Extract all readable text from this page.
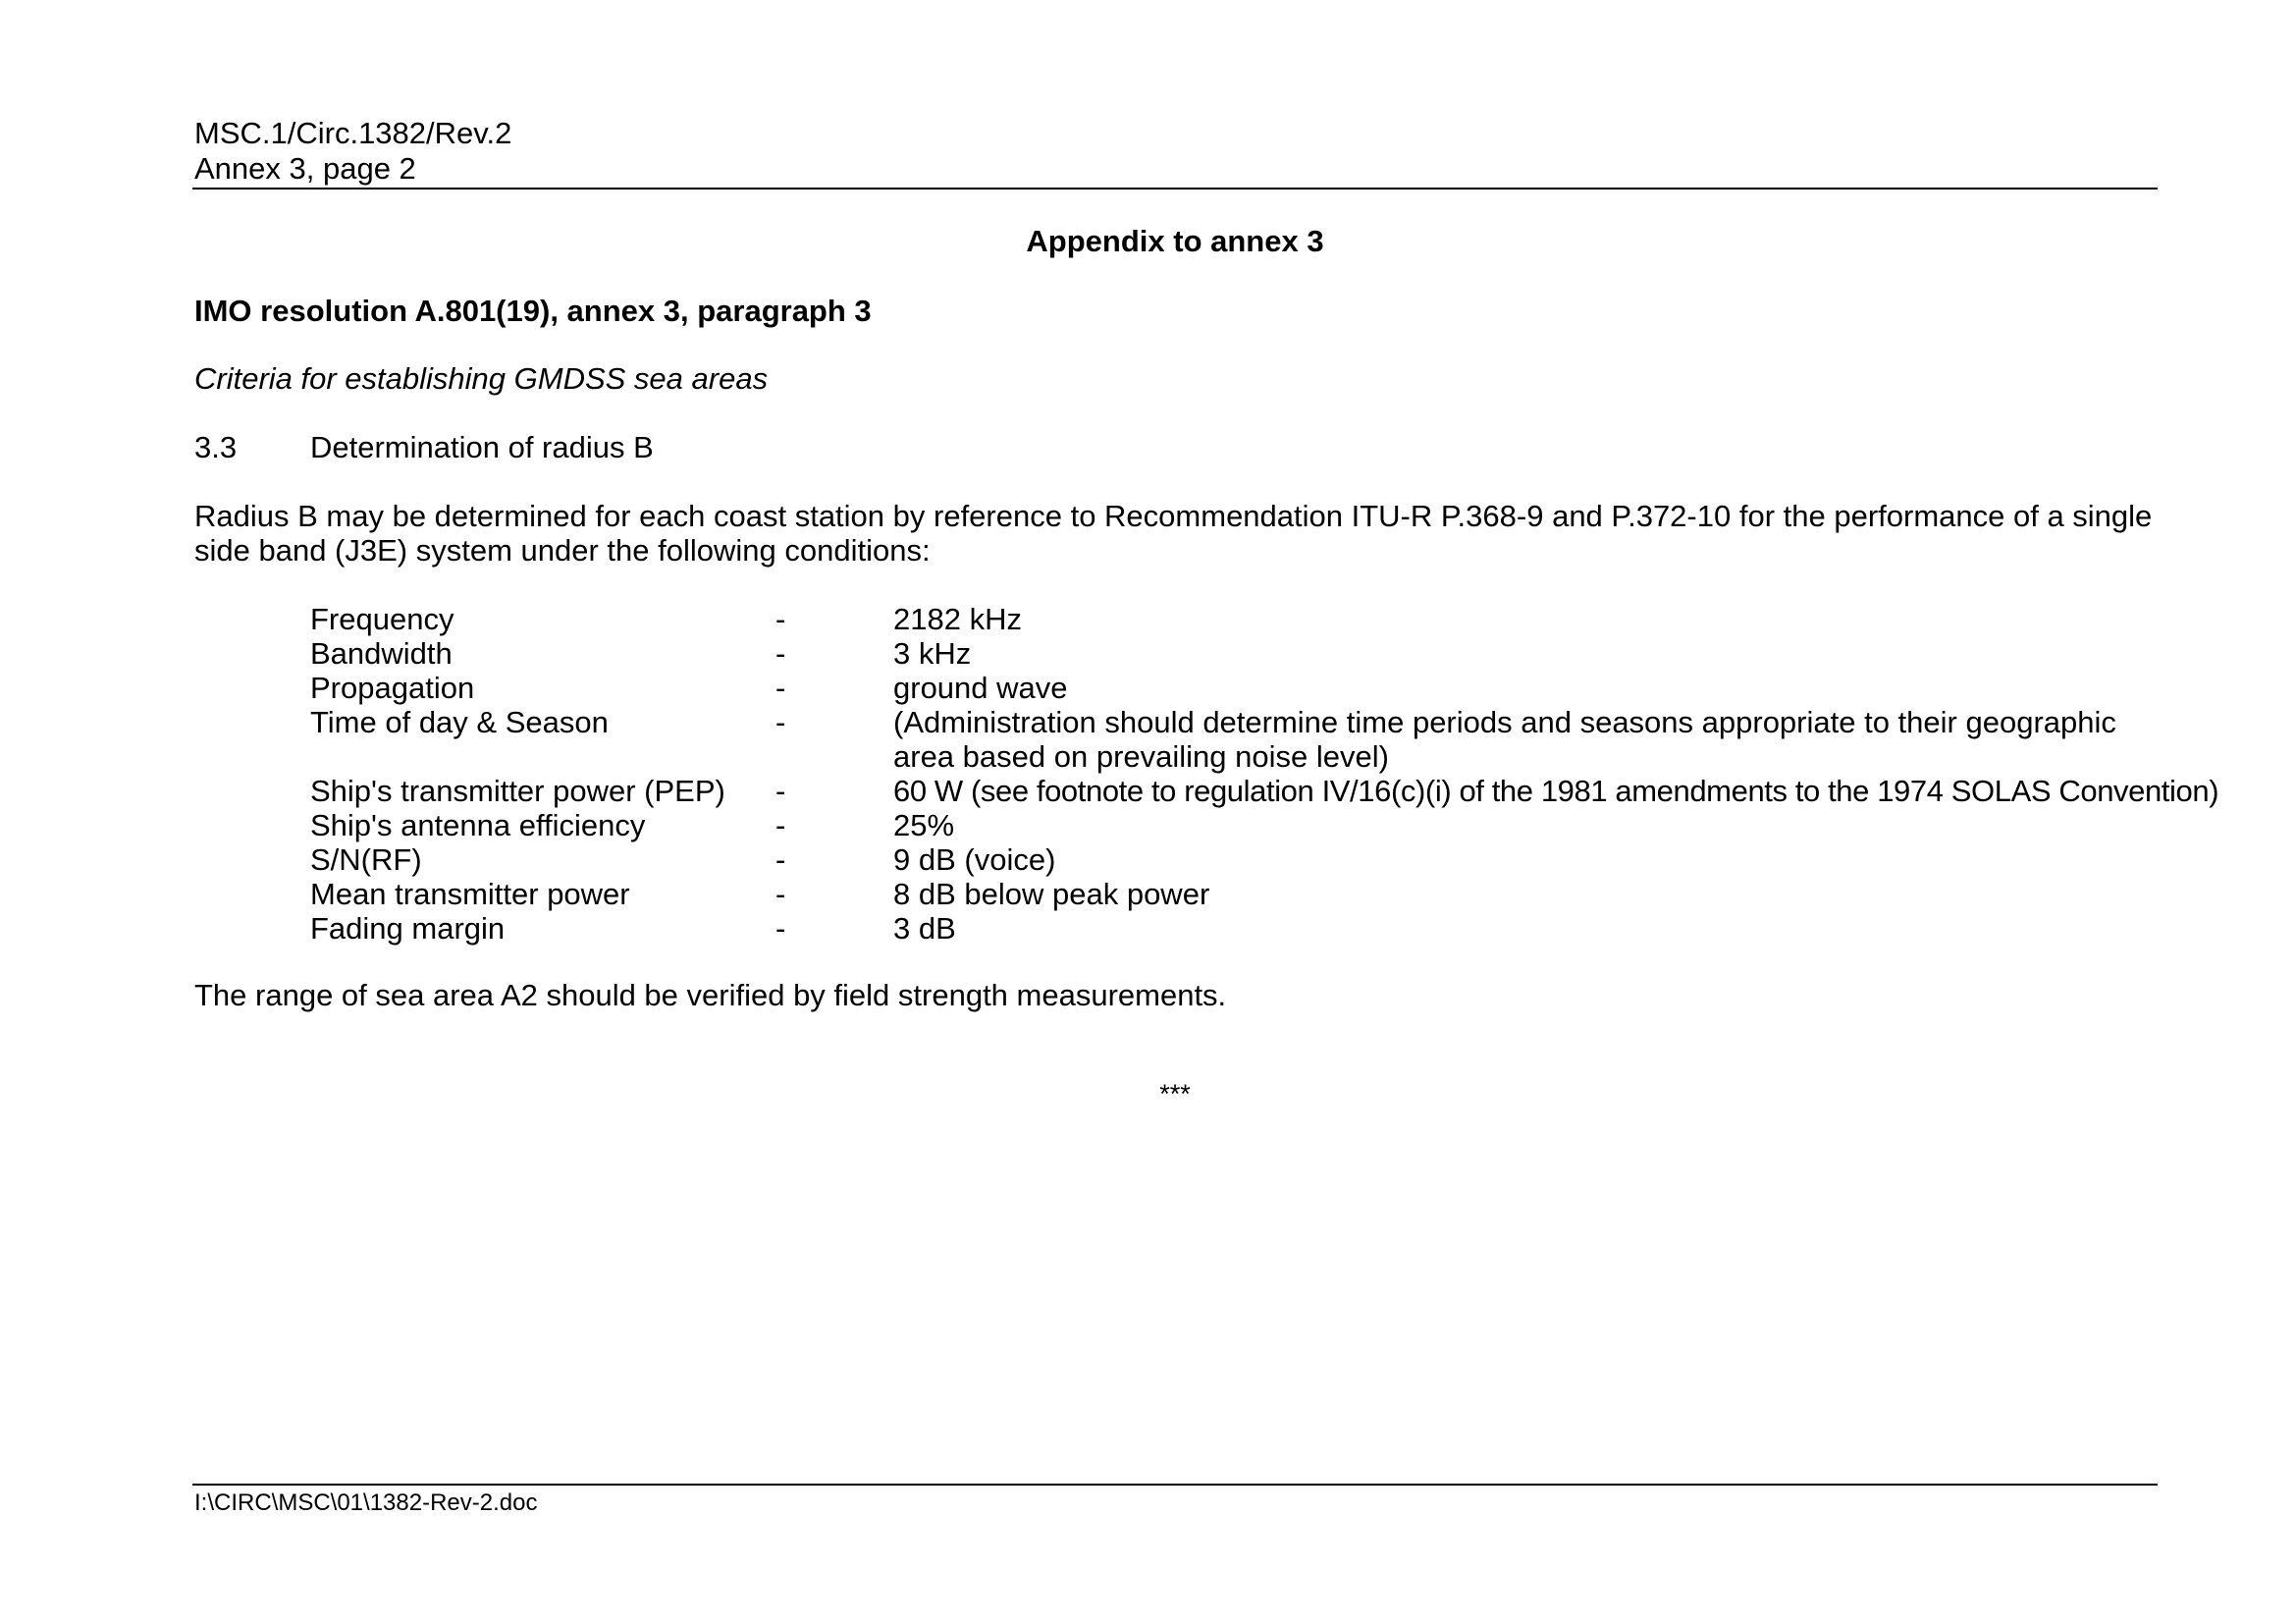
MSC.1/Circ.1382/Rev.2
Annex 3, page 2
Appendix to annex 3
IMO resolution A.801(19), annex 3, paragraph 3
Criteria for establishing GMDSS sea areas
3.3 Determination of radius B
Radius B may be determined for each coast station by reference to Recommendation ITU-R P.368-9 and P.372-10 for the performance of a single side band (J3E) system under the following conditions:
Frequency	-	2182 kHz
Bandwidth	-	3 kHz
Propagation	-	ground wave
Time of day & Season	-	(Administration should determine time periods and seasons appropriate to their geographic area based on prevailing noise level)
Ship's transmitter power (PEP)	-	60 W (see footnote to regulation IV/16(c)(i) of the 1981 amendments to the 1974 SOLAS Convention)
Ship's antenna efficiency	-	25%
S/N(RF)	-	9 dB (voice)
Mean transmitter power	-	8 dB below peak power
Fading margin	-	3 dB
The range of sea area A2 should be verified by field strength measurements.
***
I:\CIRC\MSC\01\1382-Rev-2.doc
